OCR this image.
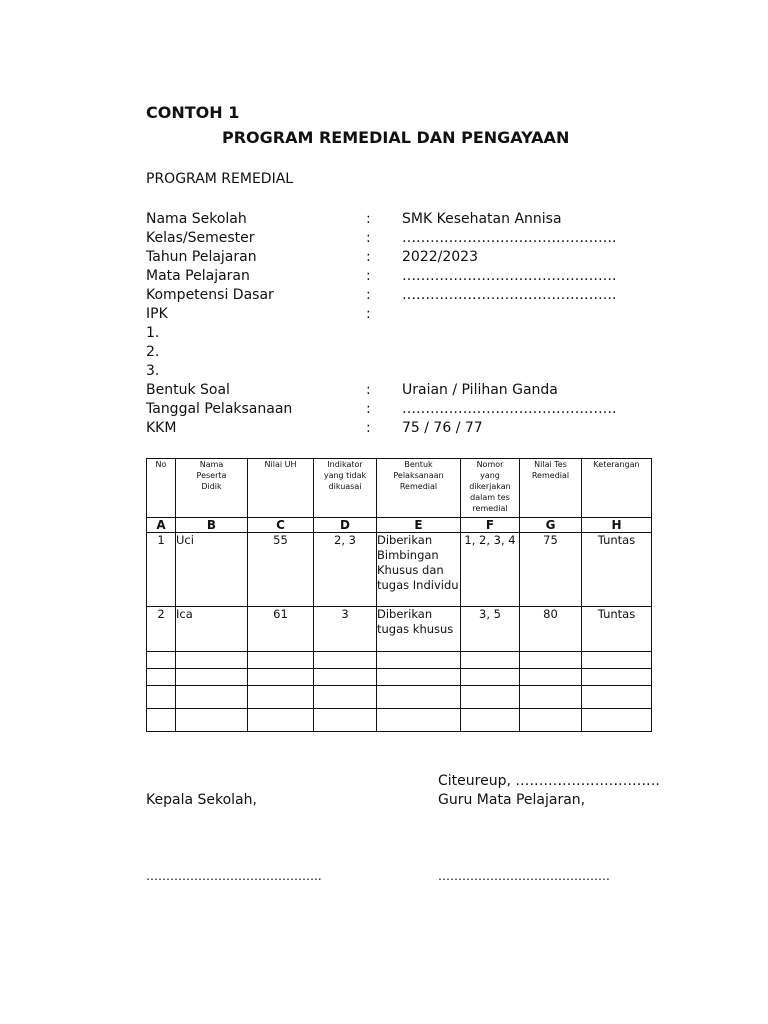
CONTOH 1
PROGRAM REMEDIAL DAN PENGAYAAN
PROGRAM REMEDIAL
Nama Sekolah	: SMK Kesehatan Annisa
Kelas/Semester	: ……………………………………….
Tahun Pelajaran	: 2022/2023
Mata Pelajaran	: ……………………………………….
Kompetensi Dasar	: ……………………………………….
IPK	:
1.
2.
3.
Bentuk Soal	: Uraian / Pilihan Ganda
Tanggal Pelaksanaan	: ……………………………………….
KKM	: 75 / 76 / 77
No	Nama Peserta Didik	Nilai UH	Indikator yang tidak dikuasai	Bentuk Pelaksanaan Remedial	Nomor yang dikerjakan dalam tes remedial	Nilai Tes Remedial	Keterangan
A	B	C	D	E	F	G	H
1	Uci	55	2, 3	Diberikan Bimbingan Khusus dan tugas Individu	1, 2, 3, 4	75	Tuntas
2	Ica	61	3	Diberikan tugas khusus	3, 5	80	Tuntas

Citeureup, ………………………….
Kepala Sekolah,	Guru Mata Pelajaran,
……………………………………..	…………………………………….
